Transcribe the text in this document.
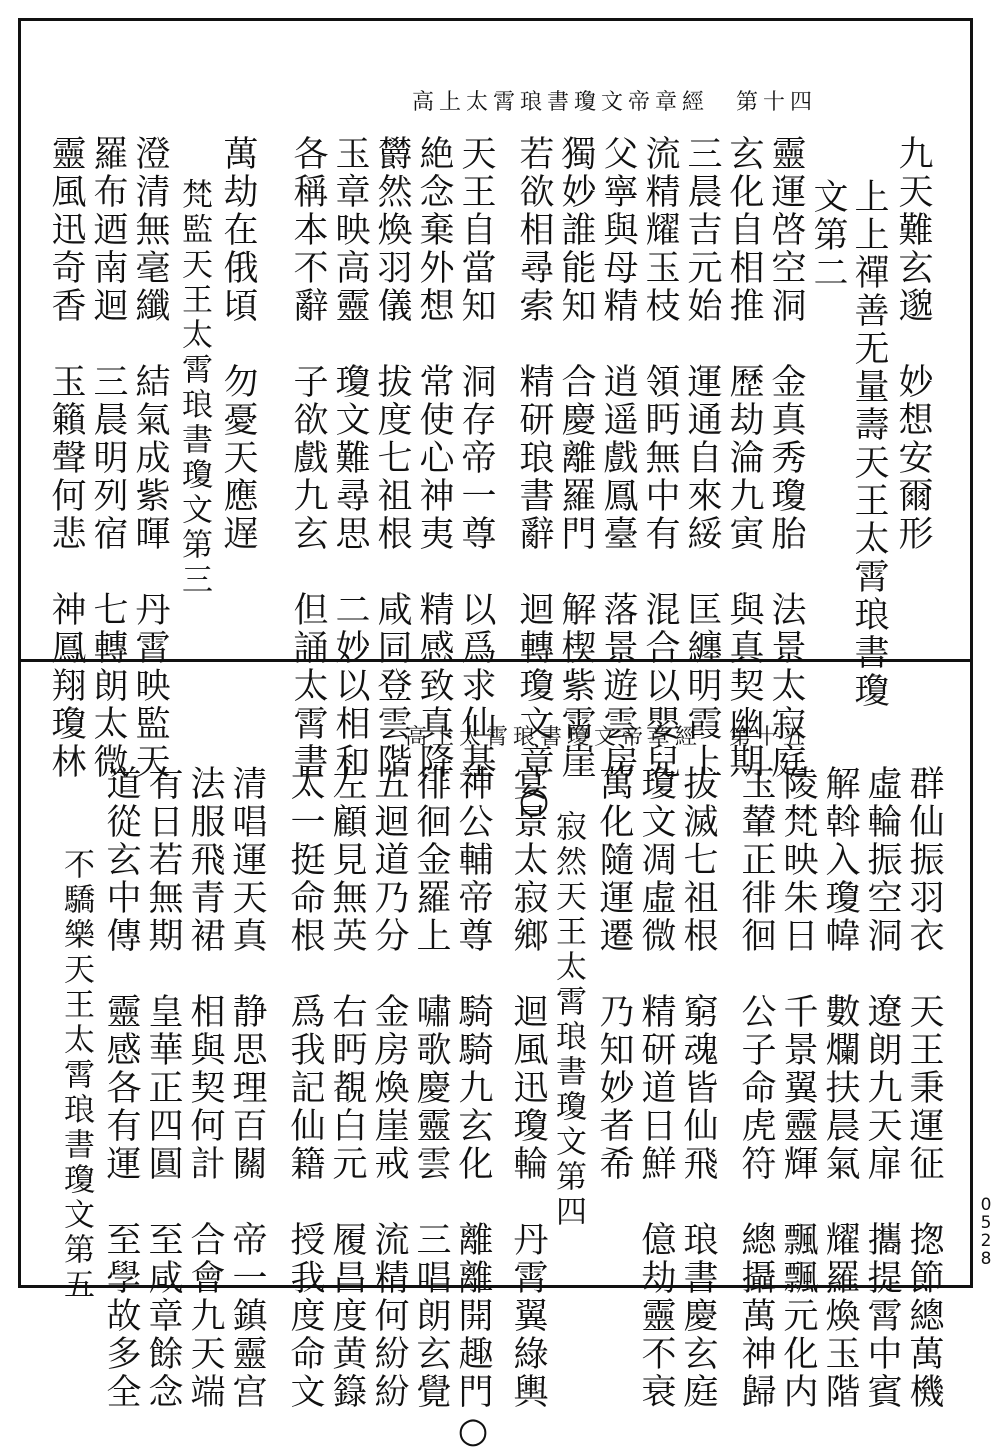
高上太霄琅書瓊文帝章經　第十四
九天難玄邈　妙想安爾形
上上禪善无量壽天王太霄琅書瓊
文第二
靈運啓空洞　金真秀瓊胎　法景太寂庭
玄化自相推　歷劫淪九寅　與真契幽期
三晨吉元始　運通自來綏　匡纏明霞上
流精耀玉枝　領眄無中有　混合以嬰兒
父寧與母精　逍遥戲鳳臺　落景遊雲房
獨妙誰能知　合慶離羅門　解楔紫霄崖
若欲相尋索　精研琅書辭　迴轉瓊文章○
天王自當知　洞存帝一尊　以爲求仙基
絶念棄外想　常使心神夷　精感致真降
欝然煥羽儀　拔度七祖根　咸同登雲階
玉章映高靈　瓊文難尋思　二妙以相和
各稱本不辭　子欲戲九玄　但誦太霄書
萬劫在俄頃　勿憂天應遅
梵監天王太霄琅書瓊文第三
澄清無毫纖　結氣成紫暉　丹霄映監天
羅布迺南迴　三晨明列宿　七轉朗太微
靈風迅奇香　玉籟聲何悲　神鳳翔瓊林	高上太霄琅書瓊文帝章經　第十五
群仙振羽衣　天王秉運征　揔節總萬機
虛輪振空洞　遼朗九天扉　攜提霄中賓
解斡入瓊幃　數爛扶晨氣　耀羅煥玉階
陵梵映朱日　千景翼靈輝　飄飄元化内
玉輦正徘徊　公子命虎符　總攝萬神歸
拔滅七祖根　窮魂皆仙飛　琅書慶玄庭
瓊文凋虛微　精研道日鮮　億劫靈不衰
萬化隨運遷　乃知妙者希
寂然天王太霄琅書瓊文第四
宴景太寂鄉　迴風迅瓊輪　丹霄翼綠輿
神公輔帝尊　騎騎九玄化　離離開趣門○
徘徊金羅上　嘯歌慶靈雲　三唱朗玄覺
五迴道乃分　金房煥崖戒　流精何紛紛
左顧見無英　右眄覩白元　履昌度黄籙
太一挺命根　爲我記仙籍　授我度命文
清唱運天真　静思理百關　帝一鎮靈宫
法服飛青裙　相與契何計　合會九天端
有日若無期　皇華正四圓　至咸章餘念
道從玄中傳　靈感各有運　至學故多全
不驕樂天王太霄琅書瓊文第五	0
5
2
8
